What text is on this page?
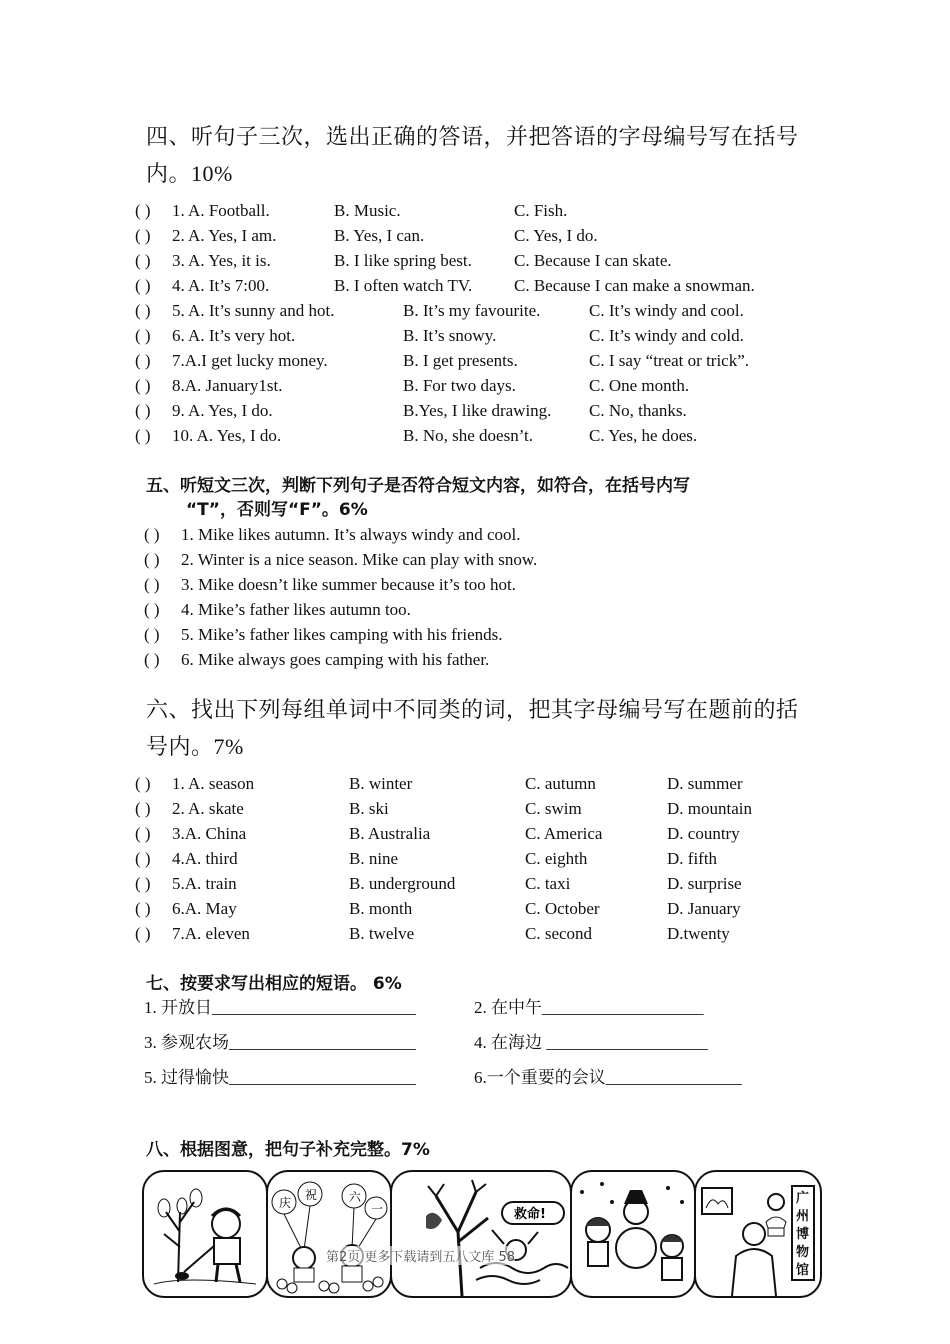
四、听句子三次，选出正确的答语，并把答语的字母编号写在括号内。10%
( ) 1. A. Football.	B. Music.	C. Fish.
( ) 2. A. Yes, I am.	B. Yes, I can.	C. Yes, I do.
( ) 3. A. Yes, it is.	B. I like spring best. C. Because I can skate.
( ) 4. A. It’s 7:00.	B. I often watch TV. C. Because I can make a snowman.
( ) 5. A. It’s sunny and hot.	B. It’s my favourite.	C. It’s windy and cool.
( ) 6. A. It’s very hot.	B. It’s snowy.	C. It’s windy and cold.
( ) 7.A.I get lucky money.	B. I get presents.	C. I say “treat or trick”.
( ) 8.A. January1st.	B. For two days.	C. One month.
( ) 9. A. Yes, I do.	B.Yes, I like drawing. C. No, thanks.
( ) 10. A. Yes, I do.	B. No, she doesn’t.	C. Yes, he does.
五、听短文三次，判断下列句子是否符合短文内容，如符合，在括号内写
“T”，否则写“F”。6%
( ) 1. Mike likes autumn. It’s always windy and cool.
( ) 2. Winter is a nice season. Mike can play with snow.
( ) 3. Mike doesn’t like summer because it’s too hot.
( ) 4. Mike’s father likes autumn too.
( ) 5. Mike’s father likes camping with his friends.
( ) 6. Mike always goes camping with his father.
六、找出下列每组单词中不同类的词，把其字母编号写在题前的括号内。7%
( ) 1. A. season	B. winter	C. autumn	D. summer
( ) 2. A. skate	B. ski	C. swim	D. mountain
( ) 3.A. China	B. Australia	C. America	D. country
( ) 4.A. third	B. nine	C. eighth	D. fifth
( ) 5.A. train	B. underground	C. taxi	D. surprise
( ) 6.A. May	B. month	C. October	D. January
( ) 7.A. eleven	B. twelve	C. second	D.twenty
七、按要求写出相应的短语。 6%
1. 开放日________________________	2. 在中午___________________
3. 参观农场______________________	4. 在海边 ___________________
5. 过得愉快______________________	6.一个重要的会议________________
八、根据图意，把句子补充完整。7%
庆
祝	六
一	救命!
广
州
博
物
馆
第2页 更多下载请到五八文库 58
